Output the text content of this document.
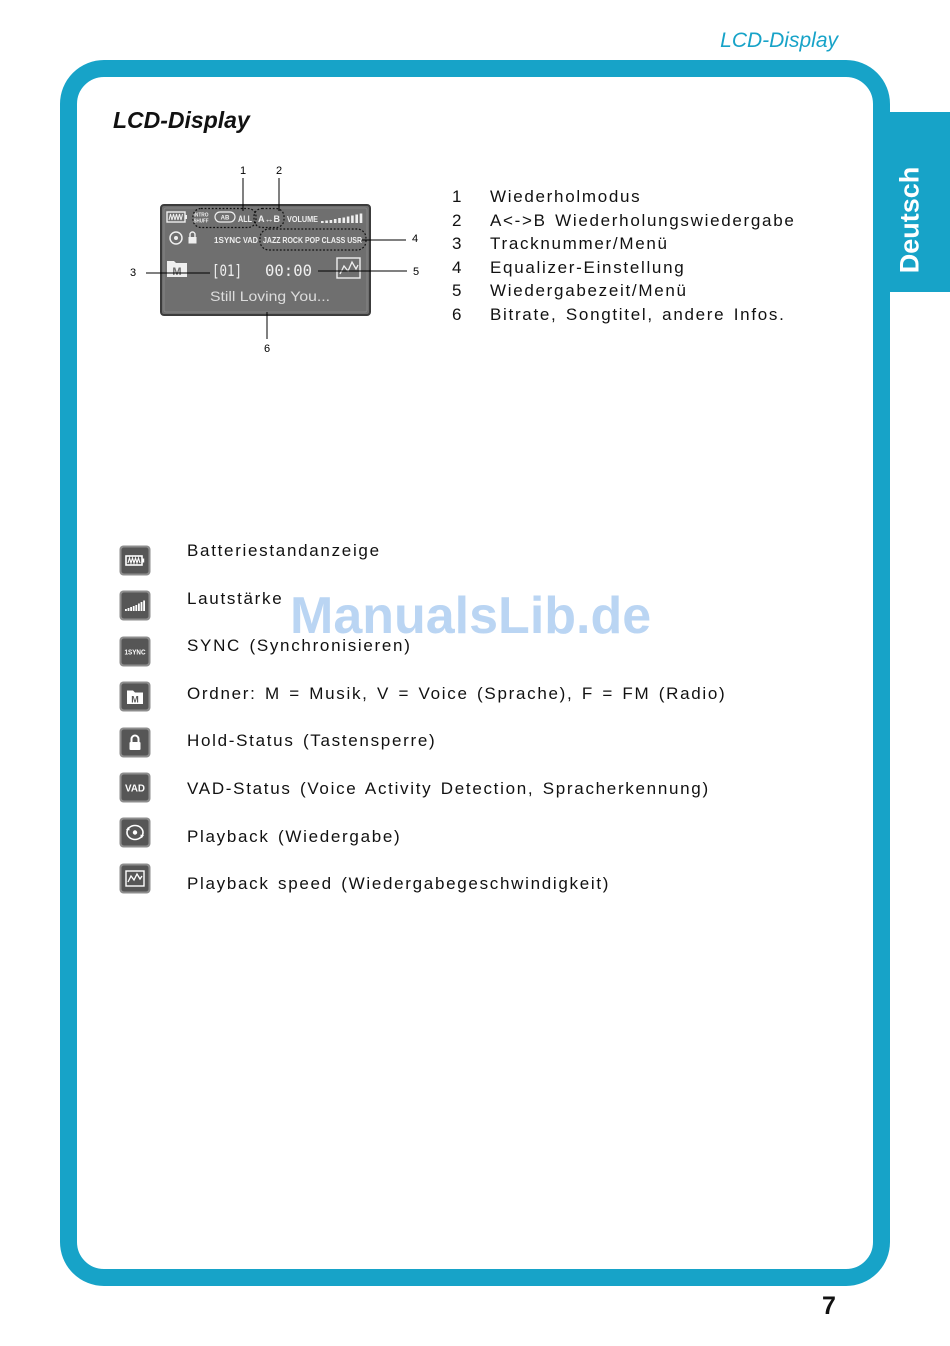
LCD-Display
Deutsch
LCD-Display
INTRO
SHUFF AB ALL A↔B VOLUME
1SYNC VAD JAZZ ROCK POP CLASS USR
M [01] 00:00
Still Loving You...
1	2
3
4
5
6
1	Wiederholmodus
2	A<->B Wiederholungswiedergabe
3	Tracknummer/Menü
4	Equalizer-Einstellung
5	Wiedergabezeit/Menü
6	Bitrate, Songtitel, andere Infos.
ManualsLib.de
1SYNC
M
VAD
Batteriestandanzeige
Lautstärke
SYNC (Synchronisieren)
Ordner: M = Musik, V = Voice (Sprache), F = FM (Radio)
Hold-Status (Tastensperre)
VAD-Status (Voice Activity Detection, Spracherkennung)
Playback (Wiedergabe)
Playback speed (Wiedergabegeschwindigkeit)
7
